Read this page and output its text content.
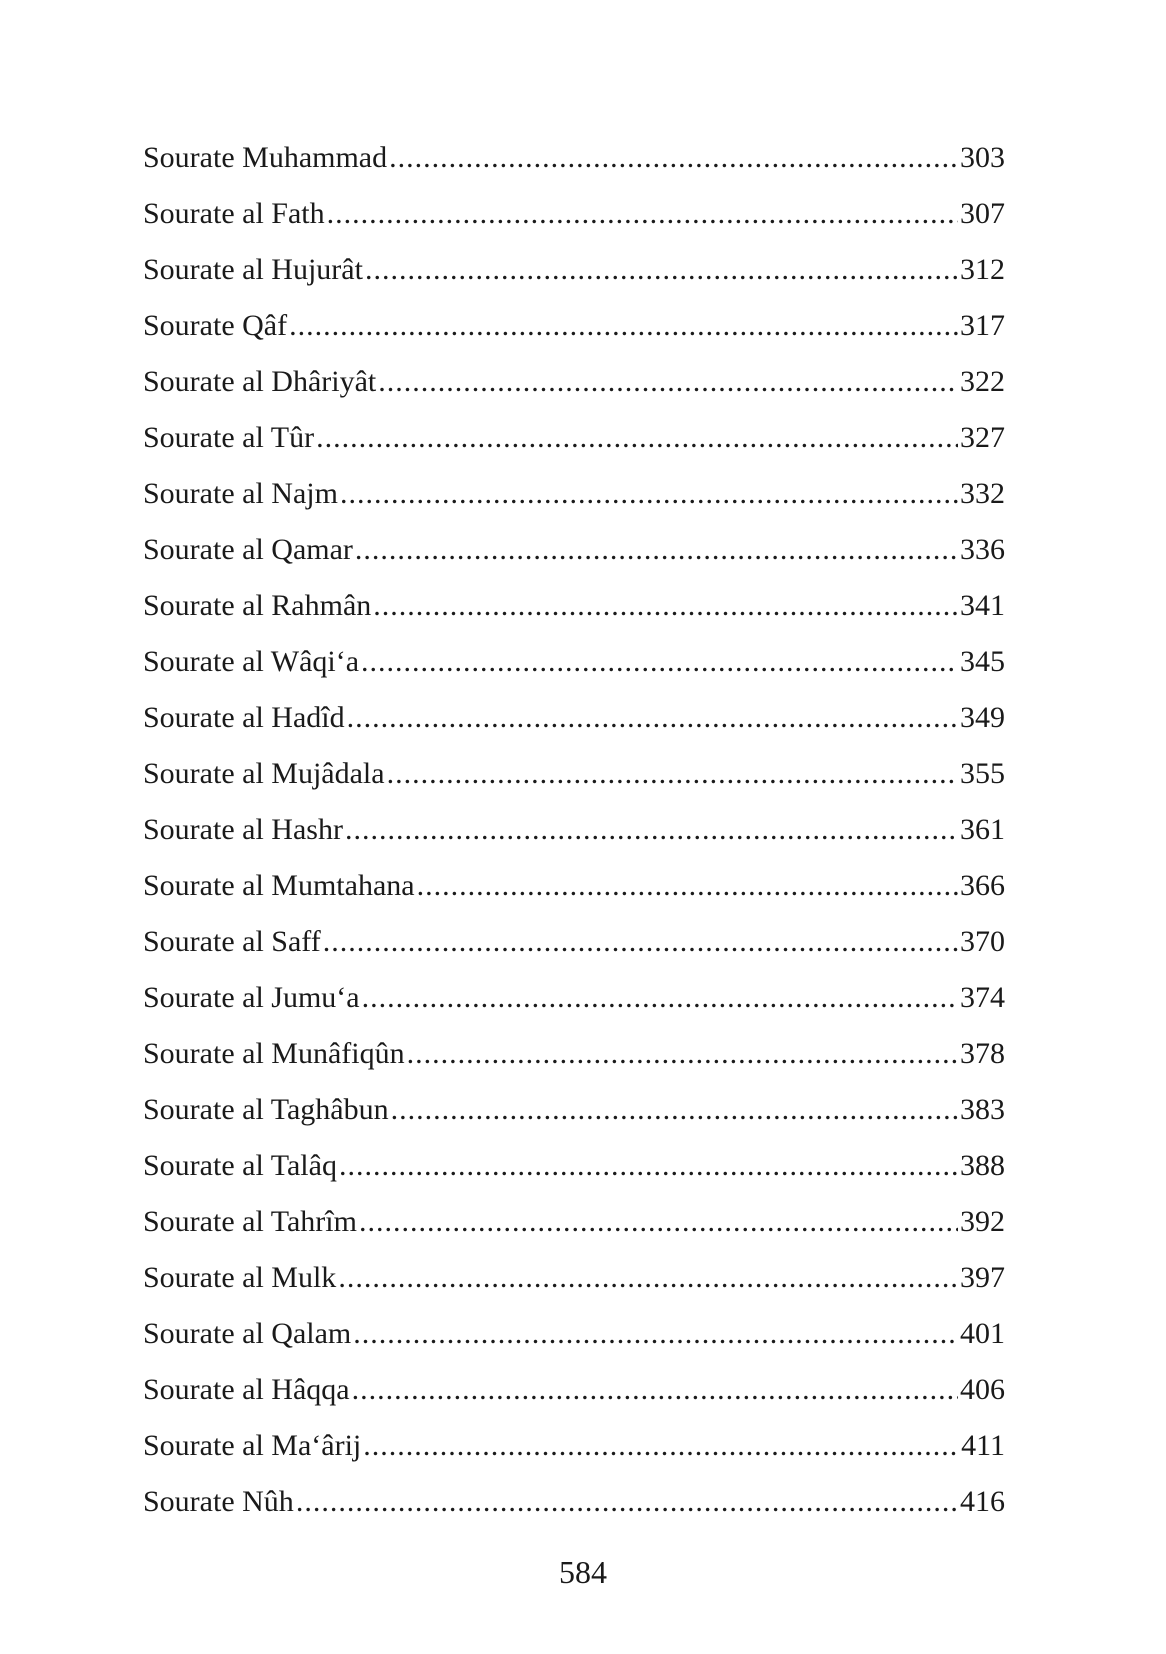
Sourate Muhammad .....	303
Sourate al Fath .....	307
Sourate al Hujurât .....	312
Sourate Qâf .....	317
Sourate al Dhâriyât .....	322
Sourate al Tûr .....	327
Sourate al Najm .....	332
Sourate al Qamar .....	336
Sourate al Rahmân .....	341
Sourate al Wâqi‘a .....	345
Sourate al Hadîd .....	349
Sourate al Mujâdala .....	355
Sourate al Hashr .....	361
Sourate al Mumtahana .....	366
Sourate al Saff .....	370
Sourate al Jumu‘a .....	374
Sourate al Munâfiqûn .....	378
Sourate al Taghâbun .....	383
Sourate al Talâq .....	388
Sourate al Tahrîm .....	392
Sourate al Mulk .....	397
Sourate al Qalam .....	401
Sourate al Hâqqa .....	406
Sourate al Ma‘ârij .....	411
Sourate Nûh .....	416
584
